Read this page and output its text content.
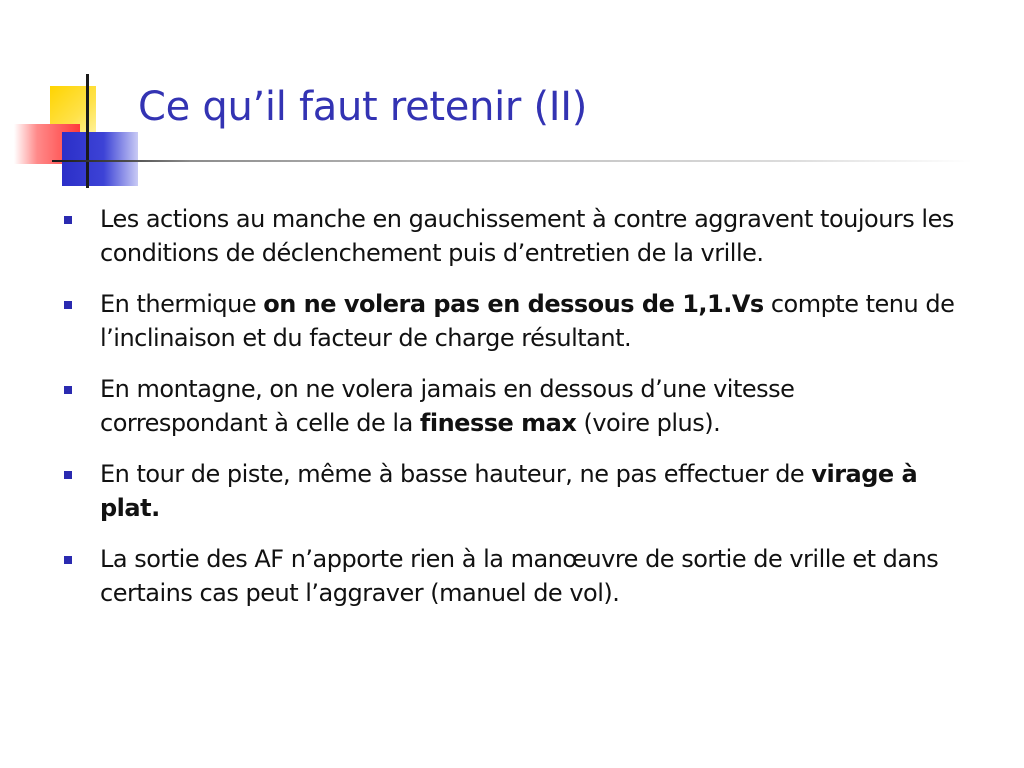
Ce qu’il faut retenir (II)
Les actions au manche en gauchissement à contre aggravent toujours les conditions de déclenchement puis d’entretien de la vrille.
En thermique on ne volera pas en dessous de 1,1.Vs compte tenu de l’inclinaison et du facteur de charge résultant.
En montagne, on ne volera jamais en dessous d’une vitesse correspondant à celle de la finesse max (voire plus).
En tour de piste, même à basse hauteur, ne pas effectuer de virage à plat.
La sortie des AF n’apporte rien à la manœuvre de sortie de vrille et dans certains cas peut l’aggraver (manuel de vol).
